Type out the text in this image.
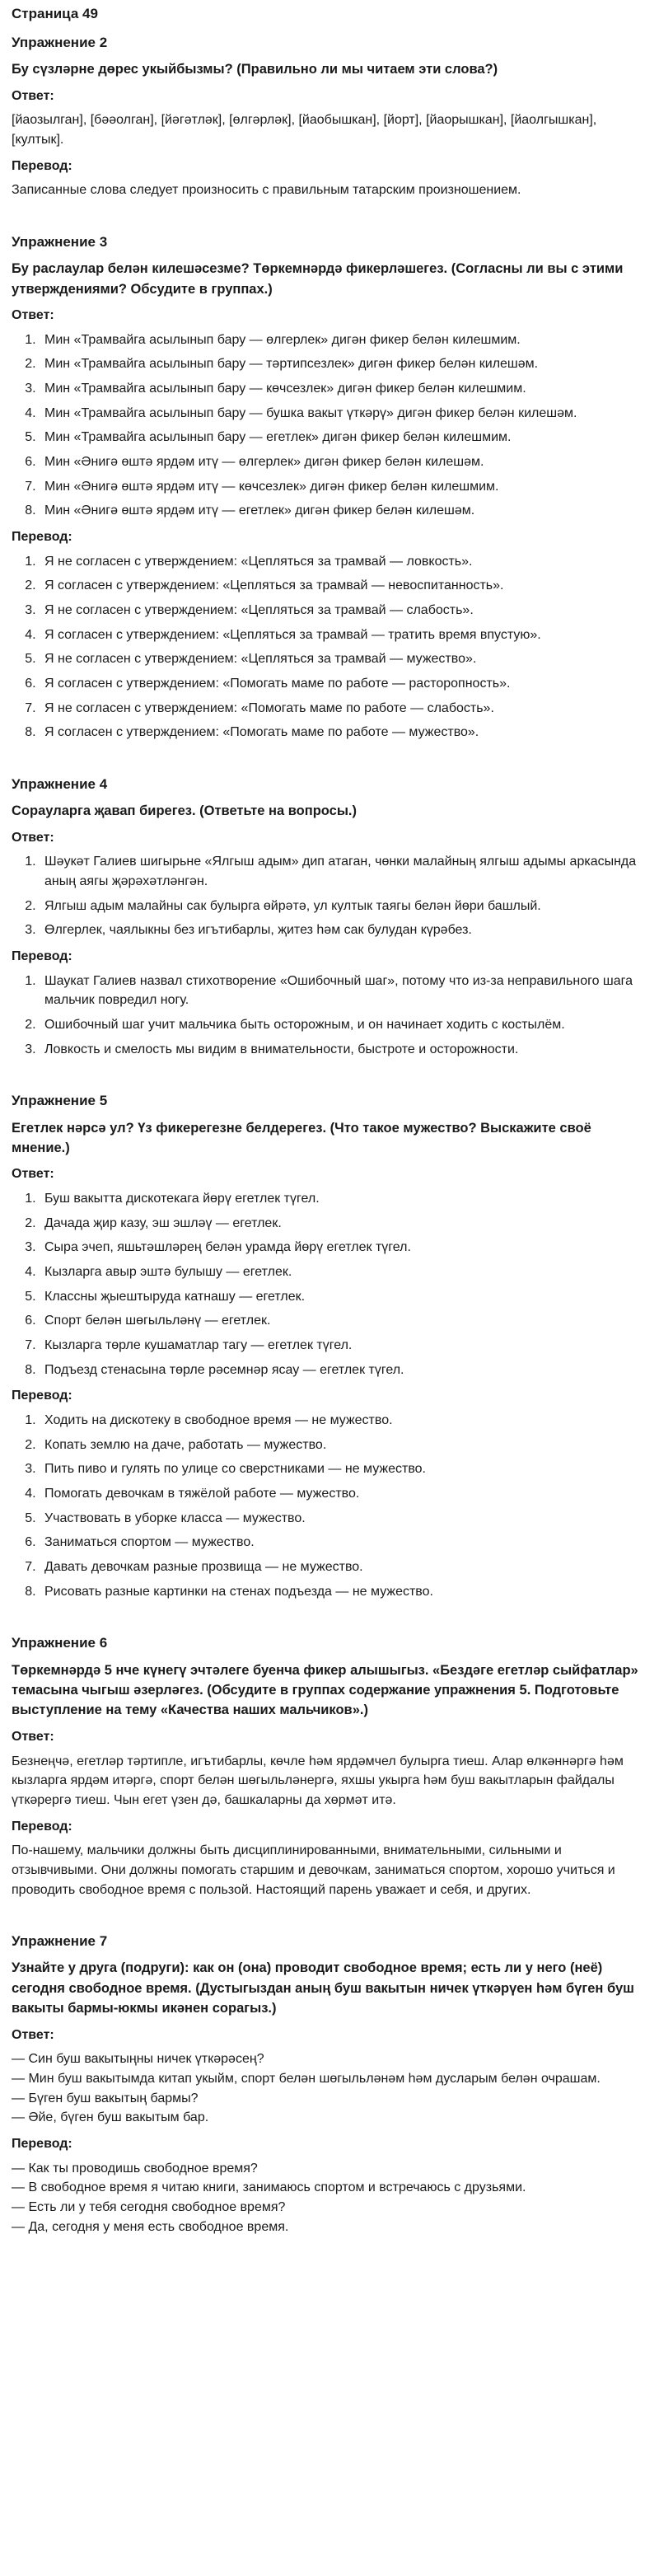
Страница 49
Упражнение 2
Бу сүзләрне дөрес укыйбызмы? (Правильно ли мы читаем эти слова?)
Ответ:

[йаозылган], [бәәолган], [йәгәтләк], [өлгәрләк], [йаобышкан], [йорт], [йаорышкан], [йаолгышкан], [култык].

Перевод:

Записанные слова следует произносить с правильным татарским произношением.

Упражнение 3
Бу раслаулар белән килешәсезме? Төркемнәрдә фикерләшегез. (Согласны ли вы с этими утверждениями? Обсудите в группах.)
Ответ:
1. Мин «Трамвайга асылынып бару — өлгерлек» дигән фикер белән килешмим.
2. Мин «Трамвайга асылынып бару — тәртипсезлек» дигән фикер белән килешәм.
3. Мин «Трамвайга асылынып бару — көчсезлек» дигән фикер белән килешмим.
4. Мин «Трамвайга асылынып бару — бушка вакыт үткәрү» дигән фикер белән килешәм.
5. Мин «Трамвайга асылынып бару — егетлек» дигән фикер белән килешмим.
6. Мин «Әнигә өштә ярдәм итү — өлгерлек» дигән фикер белән килешәм.
7. Мин «Әнигә өштә ярдәм итү — көчсезлек» дигән фикер белән килешмим.
8. Мин «Әнигә өштә ярдәм итү — егетлек» дигән фикер белән килешәм.
Перевод:
1. Я не согласен с утверждением: «Цепляться за трамвай — ловкость».
2. Я согласен с утверждением: «Цепляться за трамвай — невоспитанность».
3. Я не согласен с утверждением: «Цепляться за трамвай — слабость».
4. Я согласен с утверждением: «Цепляться за трамвай — тратить время впустую».
5. Я не согласен с утверждением: «Цепляться за трамвай — мужество».
6. Я согласен с утверждением: «Помогать маме по работе — расторопность».
7. Я не согласен с утверждением: «Помогать маме по работе — слабость».
8. Я согласен с утверждением: «Помогать маме по работе — мужество».
Упражнение 4
Сорауларга җавап бирегез. (Ответьте на вопросы.)
Ответ:
1. Шәукәт Галиев шигырьне «Ялгыш адым» дип атаган, чөнки малайның ялгыш адымы аркасында аның аягы җәрәхәтләнгән.
2. Ялгыш адым малайны сак булырга өйрәтә, ул култык таягы белән йөри башлый.
3. Өлгерлек, чаялыкны без игътибарлы, җитез һәм сак булудан күрәбез.
Перевод:
1. Шаукат Галиев назвал стихотворение «Ошибочный шаг», потому что из-за неправильного шага мальчик повредил ногу.
2. Ошибочный шаг учит мальчика быть осторожным, и он начинает ходить с костылём.
3. Ловкость и смелость мы видим в внимательности, быстроте и осторожности.
Упражнение 5
Егетлек нәрсә ул? Үз фикерегезне белдерегез. (Что такое мужество? Выскажите своё мнение.)
Ответ:
1. Буш вакытта дискотекага йөрү егетлек түгел.
2. Дачада җир казу, эш эшләү — егетлек.
3. Сыра эчеп, яшьтәшләрең белән урамда йөрү егетлек түгел.
4. Кызларга авыр эштә булышу — егетлек.
5. Классны җыештыруда катнашу — егетлек.
6. Спорт белән шөгыльләнү — егетлек.
7. Кызларга төрле кушаматлар тагу — егетлек түгел.
8. Подъезд стенасына төрле рәсемнәр ясау — егетлек түгел.
Перевод:
1. Ходить на дискотеку в свободное время — не мужество.
2. Копать землю на даче, работать — мужество.
3. Пить пиво и гулять по улице со сверстниками — не мужество.
4. Помогать девочкам в тяжёлой работе — мужество.
5. Участвовать в уборке класса — мужество.
6. Заниматься спортом — мужество.
7. Давать девочкам разные прозвища — не мужество.
8. Рисовать разные картинки на стенах подъезда — не мужество.
Упражнение 6
Төркемнәрдә 5 нче күнегү эчтәлеге буенча фикер алышыгыз. «Бездәге егетләр сыйфатлар» темасына чыгыш әзерләгез. (Обсудите в группах содержание упражнения 5. Подготовьте выступление на тему «Качества наших мальчиков».)
Ответ:

Безнеңчә, егетләр тәртипле, игътибарлы, көчле һәм ярдәмчел булырга тиеш. Алар өлкәннәргә һәм кызларга ярдәм итәргә, спорт белән шөгыльләнергә, яхшы укырга һәм буш вакытларын файдалы үткәрергә тиеш. Чын егет үзен дә, башкаларны да хөрмәт итә.

Перевод:

По-нашему, мальчики должны быть дисциплинированными, внимательными, сильными и отзывчивыми. Они должны помогать старшим и девочкам, заниматься спортом, хорошо учиться и проводить свободное время с пользой. Настоящий парень уважает и себя, и других.

Упражнение 7
Узнайте у друга (подруги): как он (она) проводит свободное время; есть ли у него (неё) сегодня свободное время. (Дустыгыздан аның буш вакытын ничек үткәрүен һәм бүген буш вакыты бармы-юкмы икәнен сорагыз.)
Ответ:
— Син буш вакытыңны ничек үткәрәсең?
— Мин буш вакытымда китап укыйм, спорт белән шөгыльләнәм һәм дусларым белән очрашам.
— Бүген буш вакытың бармы?
— Әйе, бүген буш вакытым бар.
Перевод:
— Как ты проводишь свободное время?
— В свободное время я читаю книги, занимаюсь спортом и встречаюсь с друзьями.
— Есть ли у тебя сегодня свободное время?
— Да, сегодня у меня есть свободное время.
